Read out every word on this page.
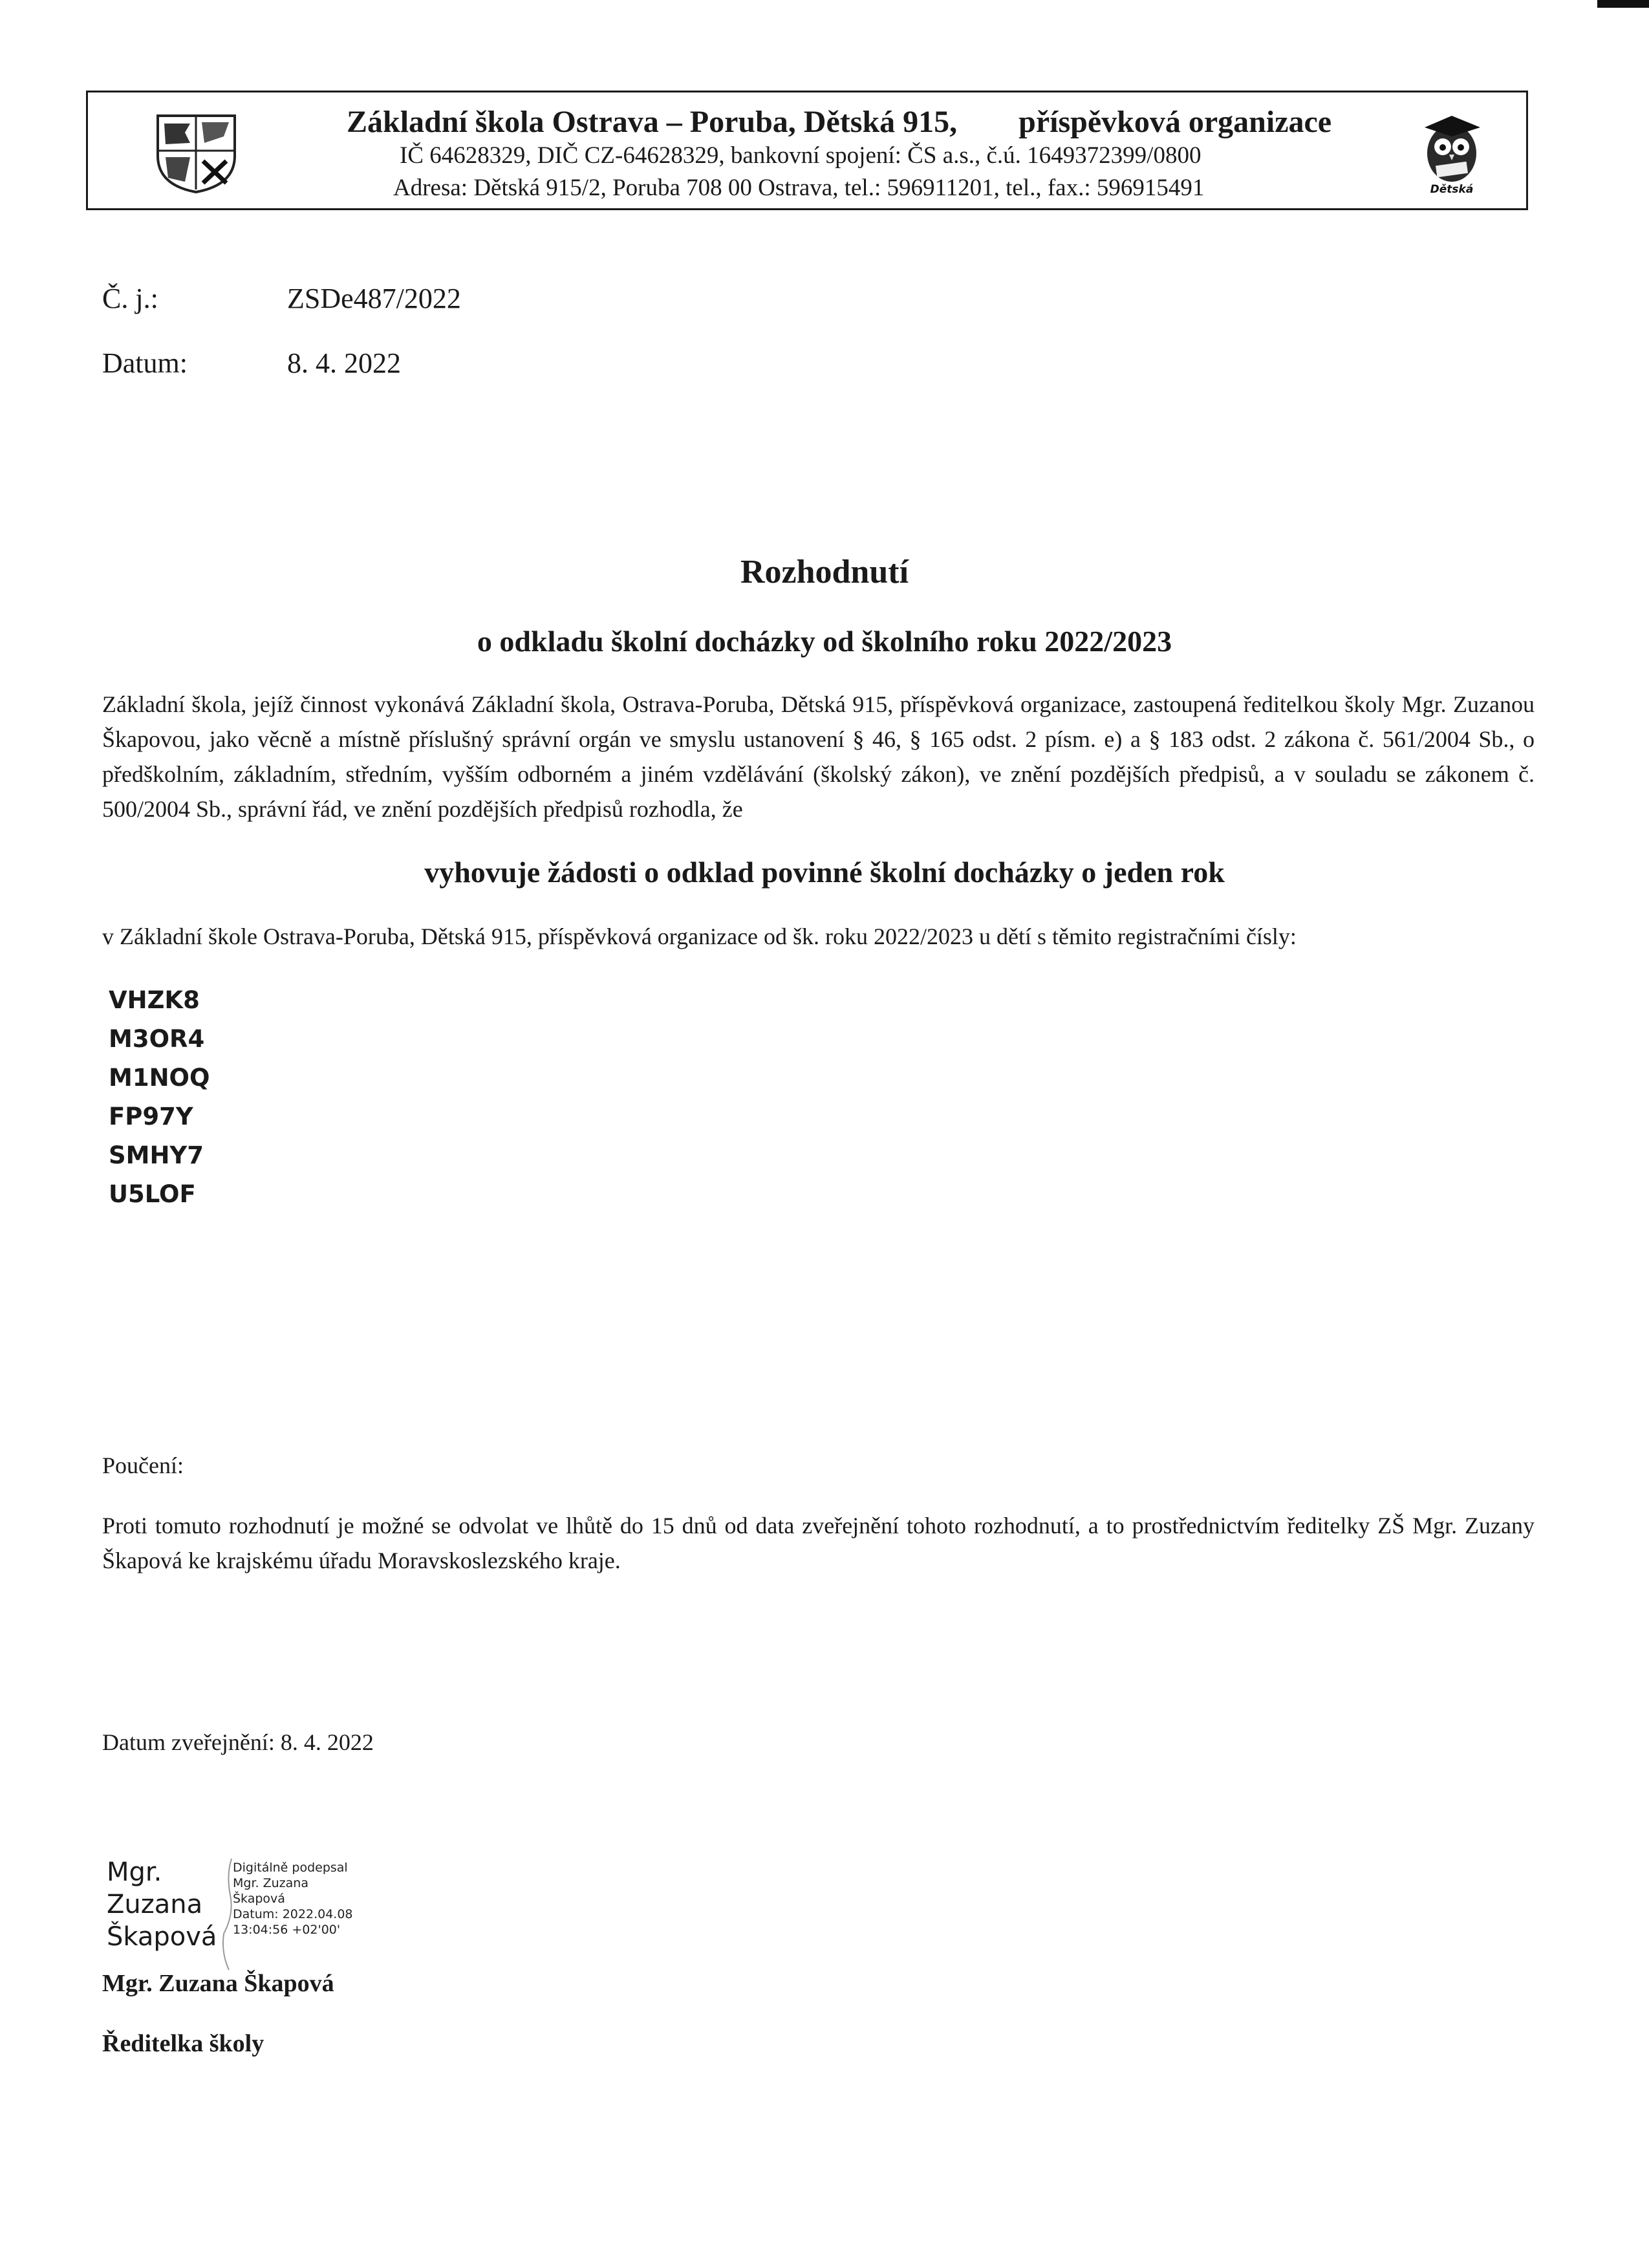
Základní škola Ostrava – Poruba, Dětská 915, příspěvková organizace
IČ 64628329, DIČ CZ-64628329, bankovní spojení: ČS a.s., č.ú. 1649372399/0800
Adresa: Dětská 915/2, Poruba 708 00 Ostrava, tel.: 596911201, tel., fax.: 596915491	Dětská
Č. j.:	ZSDe487/2022
Datum:	8. 4. 2022
Rozhodnutí
o odkladu školní docházky od školního roku 2022/2023
Základní škola, jejíž činnost vykonává Základní škola, Ostrava-Poruba, Dětská 915, příspěvková organizace, zastoupená ředitelkou školy Mgr. Zuzanou Škapovou, jako věcně a místně příslušný správní orgán ve smyslu ustanovení § 46, § 165 odst. 2 písm. e) a § 183 odst. 2 zákona č. 561/2004 Sb., o předškolním, základním, středním, vyšším odborném a jiném vzdělávání (školský zákon), ve znění pozdějších předpisů, a v souladu se zákonem č. 500/2004 Sb., správní řád, ve znění pozdějších předpisů rozhodla, že
vyhovuje žádosti o odklad povinné školní docházky o jeden rok
v Základní škole Ostrava-Poruba, Dětská 915, příspěvková organizace od šk. roku 2022/2023 u dětí s těmito registračními čísly:
VHZK8
M3OR4
M1NOQ
FP97Y
SMHY7
U5LOF
Poučení:
Proti tomuto rozhodnutí je možné se odvolat ve lhůtě do 15 dnů od data zveřejnění tohoto rozhodnutí, a to prostřednictvím ředitelky ZŠ Mgr. Zuzany Škapová ke krajskému úřadu Moravskoslezského kraje.
Datum zveřejnění: 8. 4. 2022
Mgr.
Zuzana
Škapová
Digitálně podepsal
Mgr. Zuzana
Škapová
Datum: 2022.04.08
13:04:56 +02'00'
Mgr. Zuzana Škapová
Ředitelka školy
